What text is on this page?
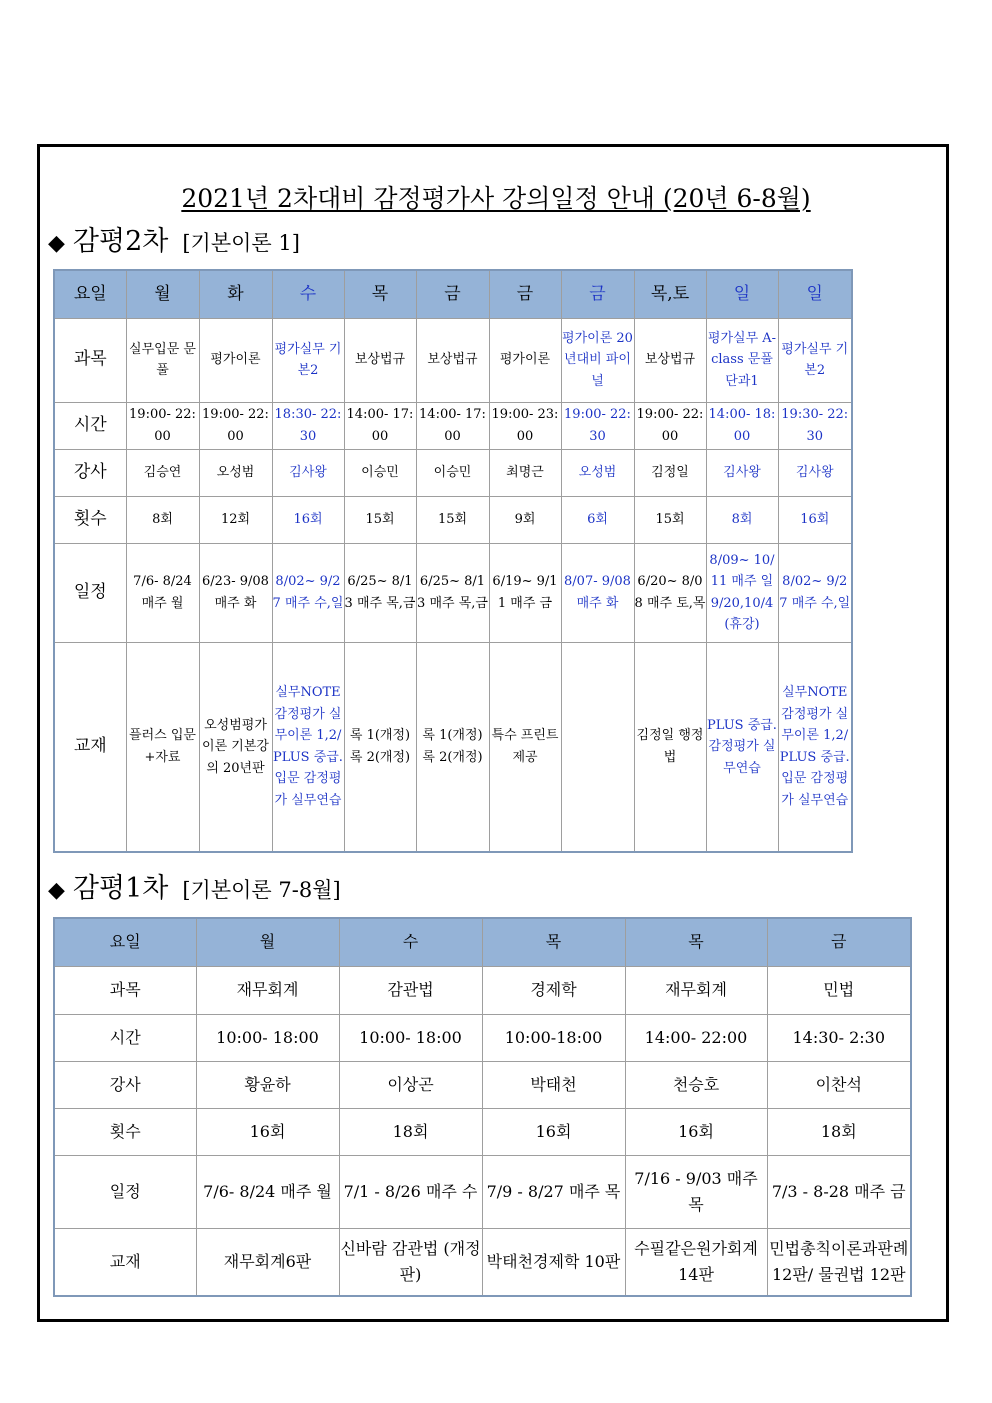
2021년 2차대비 감정평가사 강의일정 안내 (20년 6-8월)
◆ 감평2차 [기본이론 1]
요일	월	화	수	목	금	금	금	목,토	일	일
과목	실무입문 문풀	평가이론	평가실무 기본2	보상법규	보상법규	평가이론	평가이론 20년대비 파이널	보상법규	평가실무 A-class 문풀단과1	평가실무 기본2
시간	19:00- 22:00	19:00- 22:00	18:30- 22:30	14:00- 17:00	14:00- 17:00	19:00- 23:00	19:00- 22:30	19:00- 22:00	14:00- 18:00	19:30- 22:30
강사	김승연	오성범	김사왕	이승민	이승민	최명근	오성범	김정일	김사왕	김사왕
횟수	8회	12회	16회	15회	15회	9회	6회	15회	8회	16회
일정	7/6- 8/24 매주 월	6/23- 9/08 매주 화	8/02~ 9/27 매주 수,일	6/25~ 8/13 매주 목,금	6/25~ 8/13 매주 목,금	6/19~ 9/11 매주 금	8/07- 9/08 매주 화	6/20~ 8/08 매주 토,목	8/09~ 10/11 매주 일 9/20,10/4 (휴강)	8/02~ 9/27 매주 수,일
교재	플러스 입문+자료	오성범평가이론 기본강의 20년판	실무NOTE 감정평가 실무이론 1,2/ PLUS 중급.입문 감정평가 실무연습	록 1(개정) 록 2(개정)	록 1(개정) 록 2(개정)	특수 프린트 제공		김정일 행정법	PLUS 중급. 감정평가 실무연습	실무NOTE 감정평가 실무이론 1,2/ PLUS 중급.입문 감정평가 실무연습
◆ 감평1차 [기본이론 7-8월]
요일	월	수	목	목	금
과목	재무회계	감관법	경제학	재무회계	민법
시간	10:00- 18:00	10:00- 18:00	10:00-18:00	14:00- 22:00	14:30- 2:30
강사	황윤하	이상곤	박태천	천승호	이찬석
횟수	16회	18회	16회	16회	18회
일정	7/6- 8/24 매주 월	7/1 - 8/26 매주 수	7/9 - 8/27 매주 목	7/16 - 9/03 매주 목	7/3 - 8-28 매주 금
교재	재무회계6판	신바람 감관법 (개정판)	박태천경제학 10판	수필같은원가회계14판	민법총칙이론과판례 12판/ 물권법 12판
